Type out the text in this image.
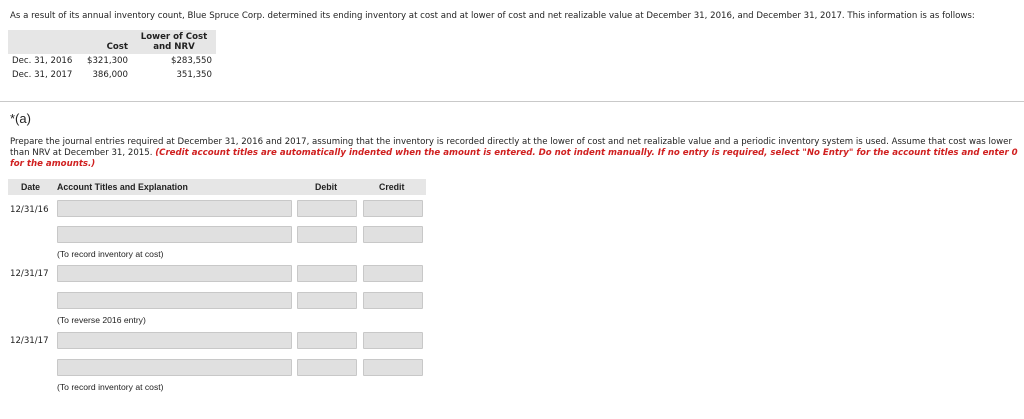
As a result of its annual inventory count, Blue Spruce Corp. determined its ending inventory at cost and at lower of cost and net realizable value at December 31, 2016, and December 31, 2017. This information is as follows:
	Cost	Lower of Cost
and NRV

Dec. 31, 2016	$321,300	$283,550
Dec. 31, 2017	386,000	351,350
*(a)
Prepare the journal entries required at December 31, 2016 and 2017, assuming that the inventory is recorded directly at the lower of cost and net realizable value and a periodic inventory system is used. Assume that cost was lower than NRV at December 31, 2015. (Credit account titles are automatically indented when the amount is entered. Do not indent manually. If no entry is required, select "No Entry" for the account titles and enter 0 for the amounts.)
Date Account Titles and Explanation	Debit	Credit
12/31/16
(To record inventory at cost)
12/31/17
(To reverse 2016 entry)
12/31/17
(To record inventory at cost)
